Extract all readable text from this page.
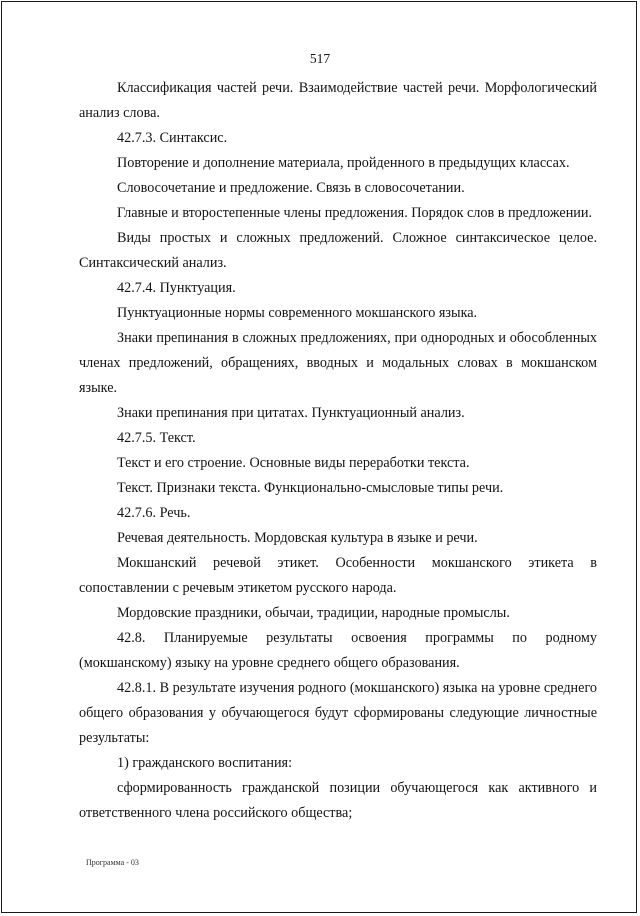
517

Классификация частей речи. Взаимодействие частей речи. Морфологический анализ слова.

42.7.3. Синтаксис.

Повторение и дополнение материала, пройденного в предыдущих классах.

Словосочетание и предложение. Связь в словосочетании.

Главные и второстепенные члены предложения. Порядок слов в предложении.

Виды простых и сложных предложений. Сложное синтаксическое целое. Синтаксический анализ.

42.7.4. Пунктуация.

Пунктуационные нормы современного мокшанского языка.

Знаки препинания в сложных предложениях, при однородных и обособленных членах предложений, обращениях, вводных и модальных словах в мокшанском языке.

Знаки препинания при цитатах. Пунктуационный анализ.

42.7.5. Текст.

Текст и его строение. Основные виды переработки текста.

Текст. Признаки текста. Функционально-смысловые типы речи.

42.7.6. Речь.

Речевая деятельность. Мордовская культура в языке и речи.

Мокшанский речевой этикет. Особенности мокшанского этикета в сопоставлении с речевым этикетом русского народа.

Мордовские праздники, обычаи, традиции, народные промыслы.

42.8. Планируемые результаты освоения программы по родному (мокшанскому) языку на уровне среднего общего образования.

42.8.1. В результате изучения родного (мокшанского) языка на уровне среднего общего образования у обучающегося будут сформированы следующие личностные результаты:

1) гражданского воспитания:

сформированность гражданской позиции обучающегося как активного и ответственного члена российского общества;

Программа - 03
